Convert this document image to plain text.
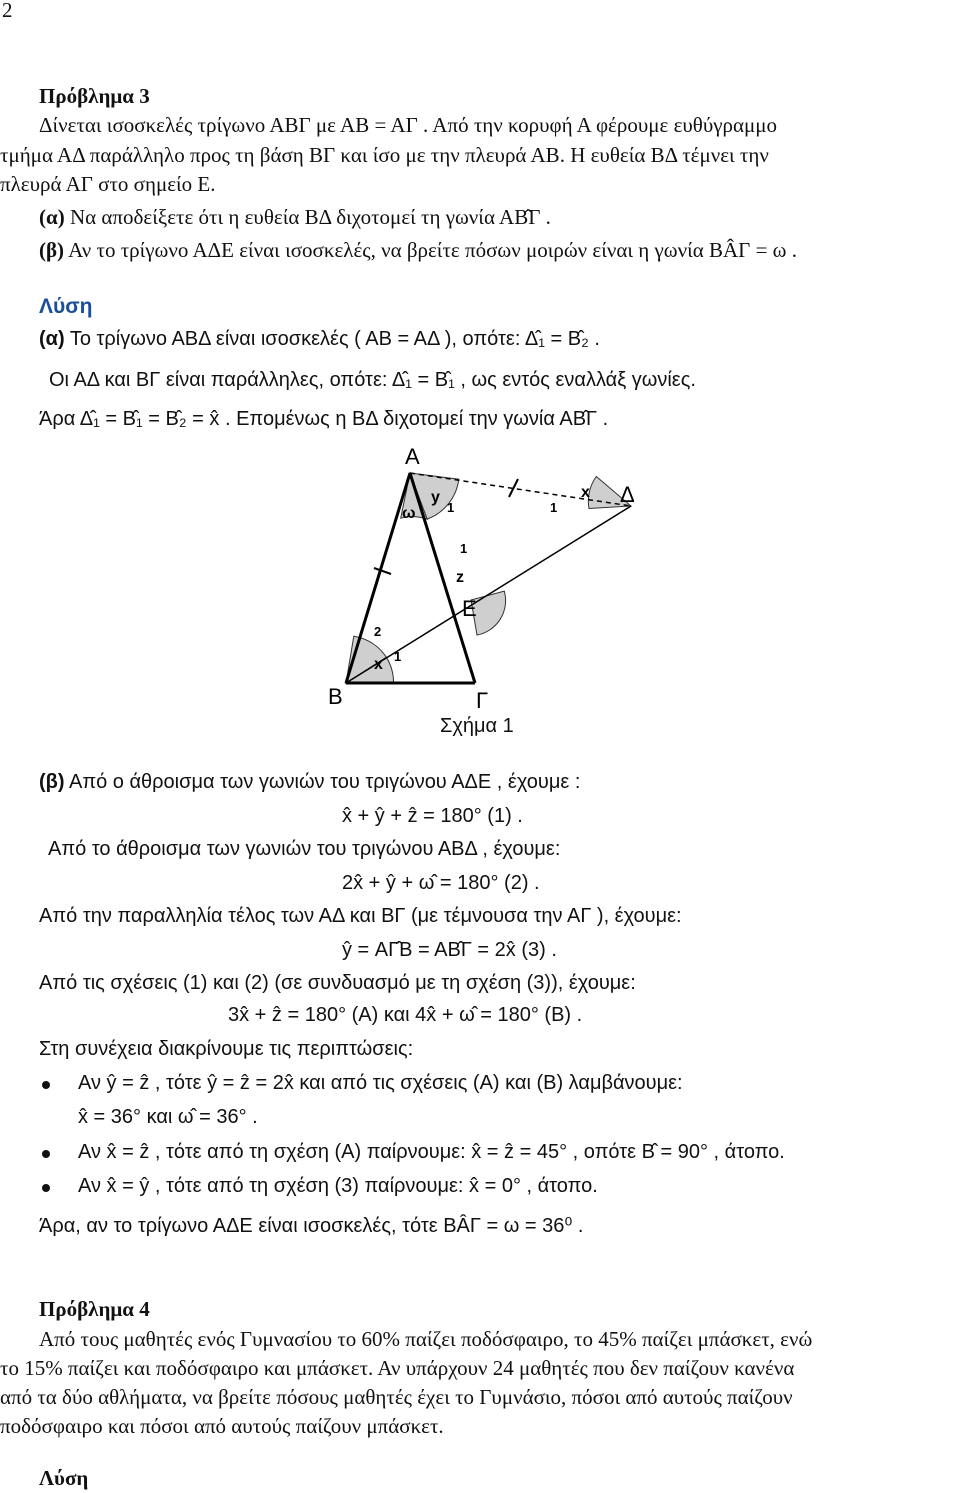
2
Πρόβλημα 3
Δίνεται ισοσκελές τρίγωνο ΑΒΓ με ΑΒ = ΑΓ . Από την κορυφή Α φέρουμε ευθύγραμμο
τμήμα ΑΔ παράλληλο προς τη βάση ΒΓ και ίσο με την πλευρά ΑΒ. Η ευθεία ΒΔ τέμνει την
πλευρά ΑΓ στο σημείο Ε.
(α) Να αποδείξετε ότι η ευθεία ΒΔ διχοτομεί τη γωνία ΑΒ̂Γ .
(β) Αν το τρίγωνο ΑΔΕ είναι ισοσκελές, να βρείτε πόσων μοιρών είναι η γωνία ΒÂΓ = ω .
Λύση
(α) Το τρίγωνο ΑΒΔ είναι ισοσκελές ( ΑΒ = ΑΔ ), οπότε: Δ̂₁ = Β̂₂ .
Οι ΑΔ και ΒΓ είναι παράλληλες, οπότε: Δ̂₁ = Β̂₁ , ως εντός εναλλάξ γωνίες.
Άρα Δ̂₁ = Β̂₁ = Β̂₂ = x̂ . Επομένως η ΒΔ διχοτομεί την γωνία ΑΒ̂Γ .
Α
Δ
Ε
Β	Γ
y
1
ω
x
1
1
z
2
x 1
Σχήμα 1
(β) Από ο άθροισμα των γωνιών του τριγώνου ΑΔΕ , έχουμε :
x̂ + ŷ + ẑ = 180° (1) .
Από το άθροισμα των γωνιών του τριγώνου ΑΒΔ , έχουμε:
2x̂ + ŷ + ω̂ = 180° (2) .
Από την παραλληλία τέλος των ΑΔ και ΒΓ (με τέμνουσα την ΑΓ ), έχουμε:
ŷ = ΑΓ̂Β = ΑΒ̂Γ = 2x̂ (3) .
Από τις σχέσεις (1) και (2) (σε συνδυασμό με τη σχέση (3)), έχουμε:
3x̂ + ẑ = 180° (Α) και 4x̂ + ω̂ = 180° (Β) .
Στη συνέχεια διακρίνουμε τις περιπτώσεις:
Αν ŷ = ẑ , τότε ŷ = ẑ = 2x̂ και από τις σχέσεις (Α) και (Β) λαμβάνουμε:
x̂ = 36° και ω̂ = 36° .
Αν x̂ = ẑ , τότε από τη σχέση (Α) παίρνουμε: x̂ = ẑ = 45° , οπότε Β̂ = 90° , άτοπο.
Αν x̂ = ŷ , τότε από τη σχέση (3) παίρνουμε: x̂ = 0° , άτοπο.
Άρα, αν το τρίγωνο ΑΔΕ είναι ισοσκελές, τότε ΒÂΓ = ω = 36⁰ .
Πρόβλημα 4
Από τους μαθητές ενός Γυμνασίου το 60% παίζει ποδόσφαιρο, το 45% παίζει μπάσκετ, ενώ
το 15% παίζει και ποδόσφαιρο και μπάσκετ. Αν υπάρχουν 24 μαθητές που δεν παίζουν κανένα
από τα δύο αθλήματα, να βρείτε πόσους μαθητές έχει το Γυμνάσιο, πόσοι από αυτούς παίζουν
ποδόσφαιρο και πόσοι από αυτούς παίζουν μπάσκετ.
Λύση
